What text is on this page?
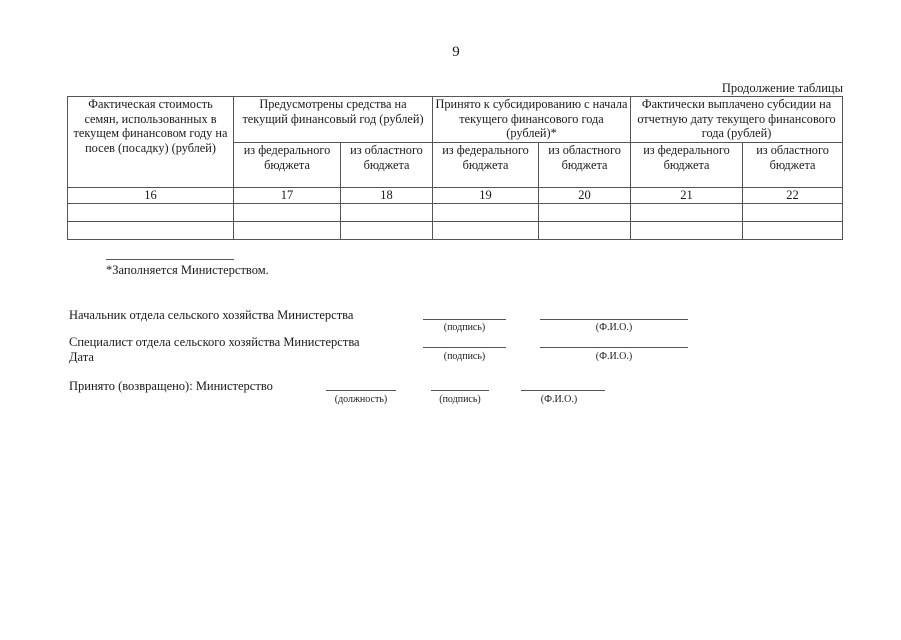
9
Продолжение таблицы
Фактическая стоимость семян, использованных в текущем финансовом году на посев (посадку) (рублей)	Предусмотрены средства на текущий финансовый год (рублей)		Принято к субсидированию с начала текущего финансового года (рублей)*		Фактически выплачено субсидии на отчетную дату текущего финансового года (рублей)	
	из федерального бюджета	из областного бюджета	из федерального бюджета	из областного бюджета	из федерального бюджета	из областного бюджета
16	17	18	19	20	21	22

*Заполняется Министерством.
Начальник отдела сельского хозяйства Министерства
(подпись)	(Ф.И.О.)
Специалист отдела сельского хозяйства Министерства
Дата	(подпись)	(Ф.И.О.)
Принято (возвращено): Министерство
(должность)	(подпись)	(Ф.И.О.)
